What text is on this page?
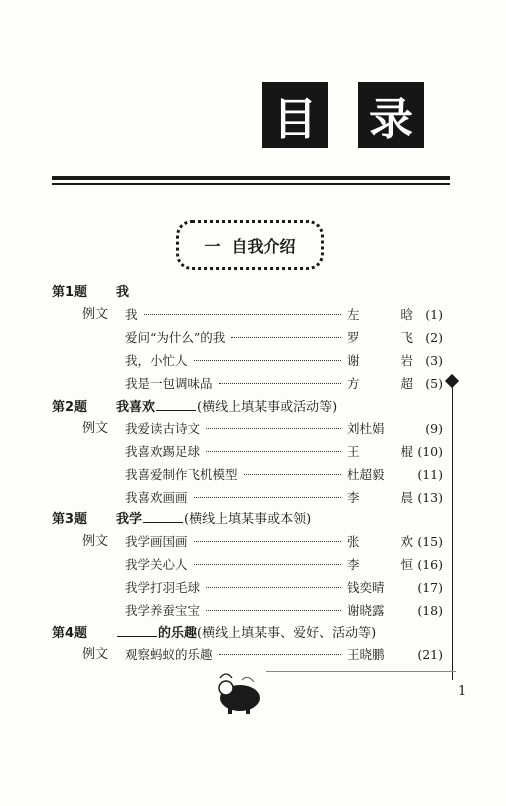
目 录
一 自我介绍
第1题 我
例文 我	左	晗 (1)
爱问“为什么”的我	罗	飞 (2)
我，小忙人	谢	岩 (3)
我是一包调味品	方	超 (5)
第2题 我喜欢	(横线上填某事或活动等)
例文 我爱读古诗文	刘杜娟	(9)
我喜欢踢足球	王	棍 (10)
我喜爱制作飞机模型	杜超毅	(11)
我喜欢画画	李	晨 (13)
第3题 我学	(横线上填某事或本领)
例文 我学画国画	张	欢 (15)
我学关心人	李	恒 (16)
我学打羽毛球	钱奕晴	(17)
我学养蚕宝宝	谢晓露	(18)
第4题	的乐趣(横线上填某事、爱好、活动等)
例文 观察蚂蚁的乐趣	王晓鹏	(21)
1
